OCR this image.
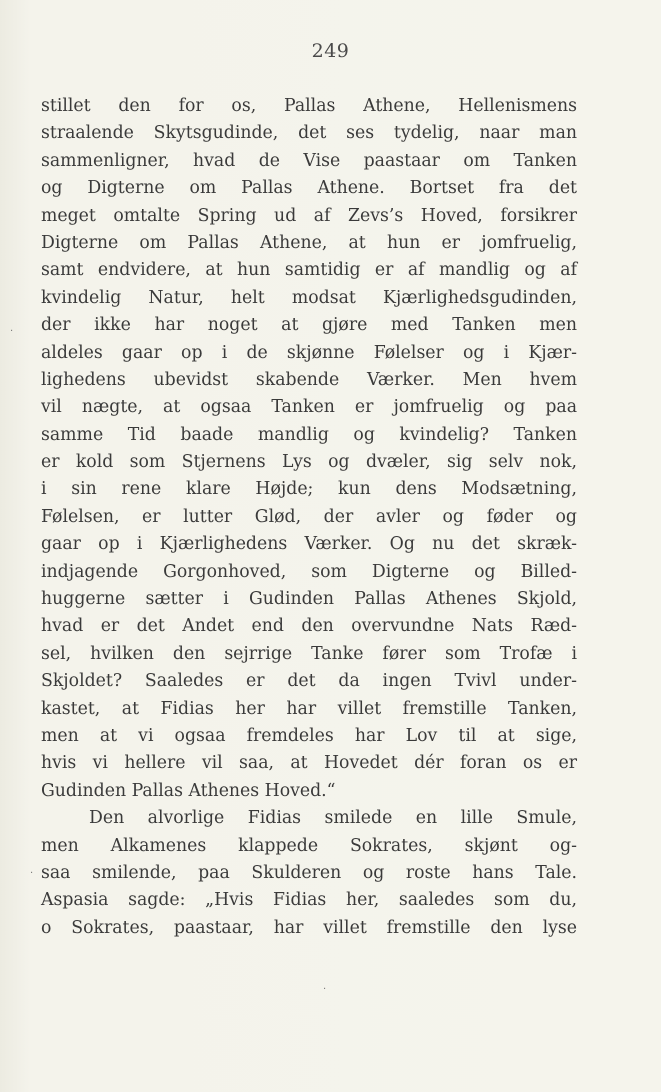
249
stillet den for os, Pallas Athene, Hellenismens
straalende Skytsgudinde, det ses tydelig, naar man
sammenligner, hvad de Vise paastaar om Tanken
og Digterne om Pallas Athene. Bortset fra det
meget omtalte Spring ud af Zevs’s Hoved, forsikrer
Digterne om Pallas Athene, at hun er jomfruelig,
samt endvidere, at hun samtidig er af mandlig og af
kvindelig Natur, helt modsat Kjærlighedsgudinden,
der ikke har noget at gjøre med Tanken men
aldeles gaar op i de skjønne Følelser og i Kjær-
lighedens ubevidst skabende Værker. Men hvem
vil nægte, at ogsaa Tanken er jomfruelig og paa
samme Tid baade mandlig og kvindelig? Tanken
er kold som Stjernens Lys og dvæler, sig selv nok,
i sin rene klare Højde; kun dens Modsætning,
Følelsen, er lutter Glød, der avler og føder og
gaar op i Kjærlighedens Værker. Og nu det skræk-
indjagende Gorgonhoved, som Digterne og Billed-
huggerne sætter i Gudinden Pallas Athenes Skjold,
hvad er det Andet end den overvundne Nats Ræd-
sel, hvilken den sejrrige Tanke fører som Trofæ i
Skjoldet? Saaledes er det da ingen Tvivl under-
kastet, at Fidias her har villet fremstille Tanken,
men at vi ogsaa fremdeles har Lov til at sige,
hvis vi hellere vil saa, at Hovedet dér foran os er
Gudinden Pallas Athenes Hoved.“
Den alvorlige Fidias smilede en lille Smule,
men Alkamenes klappede Sokrates, skjønt og-
saa smilende, paa Skulderen og roste hans Tale.
Aspasia sagde: „Hvis Fidias her, saaledes som du,
o Sokrates, paastaar, har villet fremstille den lyse
·
·
·
